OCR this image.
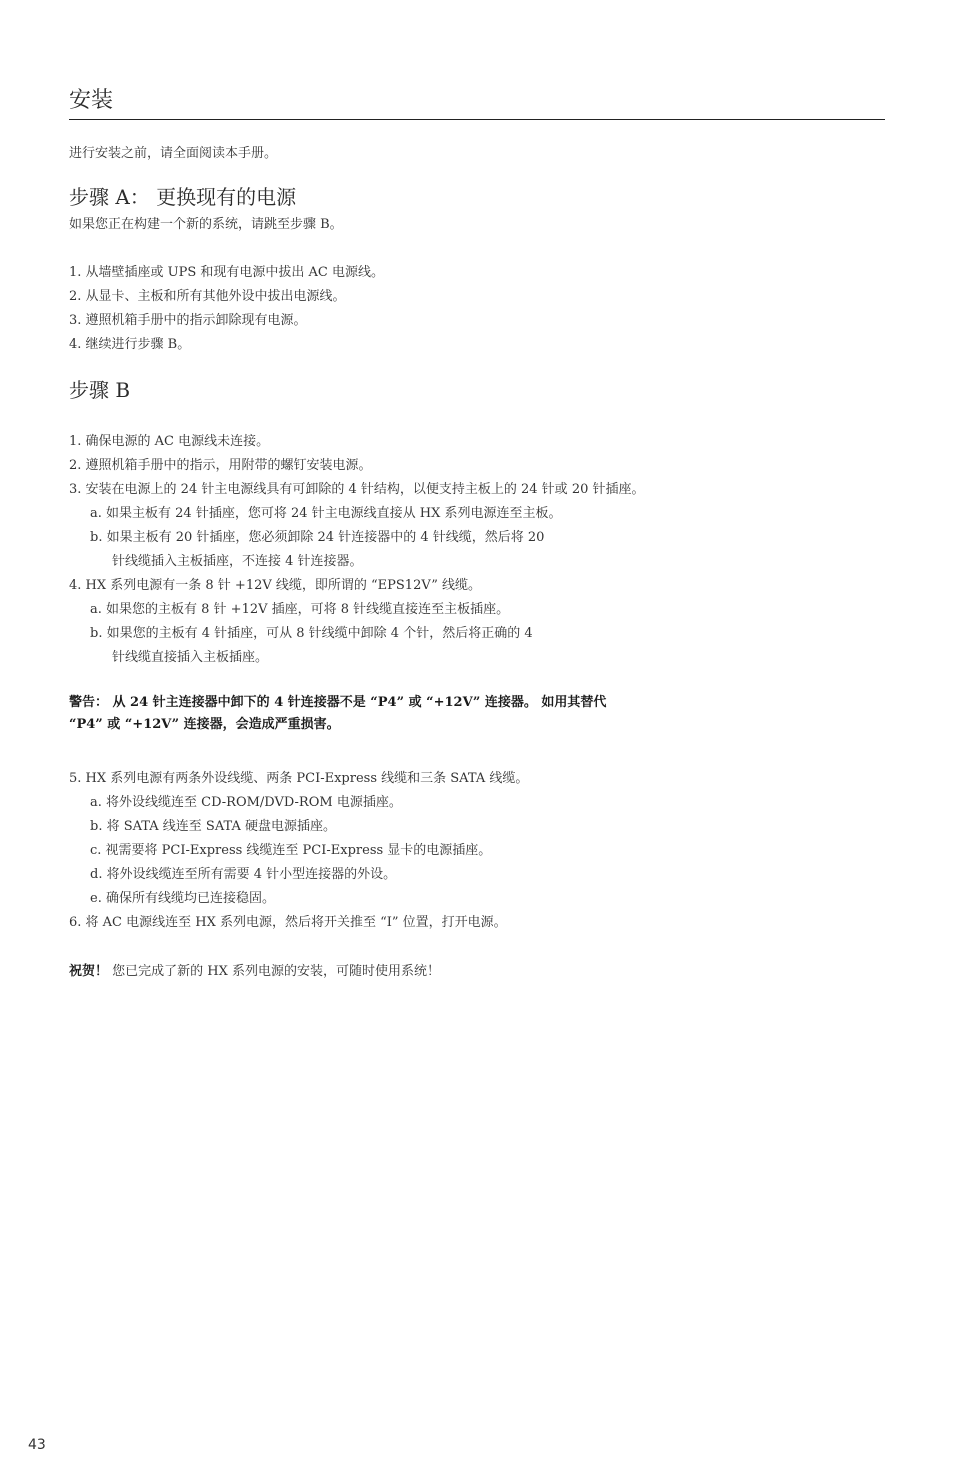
安装

进行安装之前，请全面阅读本手册。

步骤 A： 更换现有的电源

如果您正在构建一个新的系统，请跳至步骤 B。

1. 从墙壁插座或 UPS 和现有电源中拔出 AC 电源线。
2. 从显卡、主板和所有其他外设中拔出电源线。
3. 遵照机箱手册中的指示卸除现有电源。
4. 继续进行步骤 B。
步骤 B
1. 确保电源的 AC 电源线未连接。
2. 遵照机箱手册中的指示，用附带的螺钉安装电源。
3. 安装在电源上的 24 针主电源线具有可卸除的 4 针结构，以便支持主板上的 24 针或 20 针插座。
a. 如果主板有 24 针插座，您可将 24 针主电源线直接从 HX 系列电源连至主板。
b. 如果主板有 20 针插座，您必须卸除 24 针连接器中的 4 针线缆，然后将 20
针线缆插入主板插座，不连接 4 针连接器。
4. HX 系列电源有一条 8 针 +12V 线缆，即所谓的 “EPS12V” 线缆。
a. 如果您的主板有 8 针 +12V 插座，可将 8 针线缆直接连至主板插座。
b. 如果您的主板有 4 针插座，可从 8 针线缆中卸除 4 个针，然后将正确的 4
针线缆直接插入主板插座。
警告： 从 24 针主连接器中卸下的 4 针连接器不是 “P4” 或 “+12V” 连接器。 如用其替代
“P4” 或 “+12V” 连接器，会造成严重损害。
5. HX 系列电源有两条外设线缆、两条 PCI-Express 线缆和三条 SATA 线缆。
a. 将外设线缆连至 CD-ROM/DVD-ROM 电源插座。
b. 将 SATA 线连至 SATA 硬盘电源插座。
c. 视需要将 PCI-Express 线缆连至 PCI-Express 显卡的电源插座。
d. 将外设线缆连至所有需要 4 针小型连接器的外设。
e. 确保所有线缆均已连接稳固。
6. 将 AC 电源线连至 HX 系列电源，然后将开关推至 “I” 位置，打开电源。

祝贺！ 您已完成了新的 HX 系列电源的安装，可随时使用系统！

43
